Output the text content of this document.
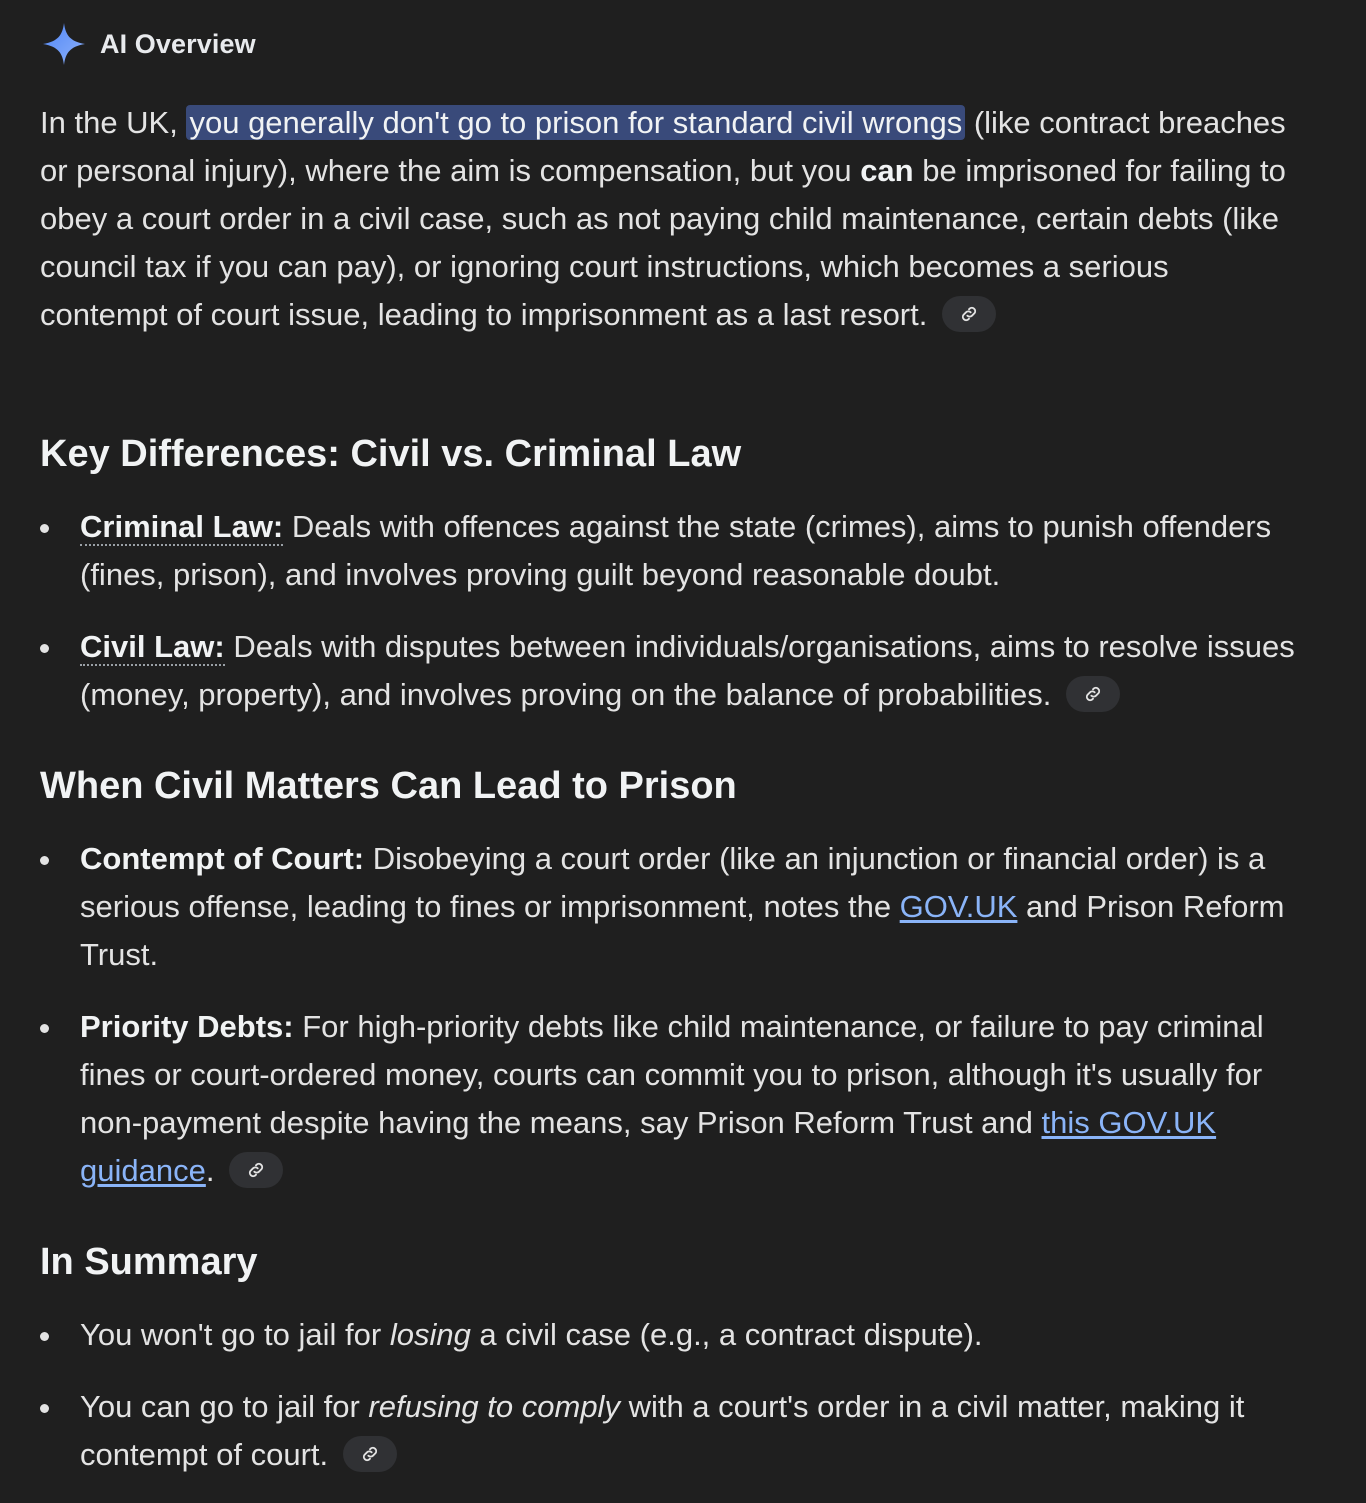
AI Overview

In the UK, you generally don't go to prison for standard civil wrongs (like contract breaches or personal injury), where the aim is compensation, but you can be imprisoned for failing to obey a court order in a civil case, such as not paying child maintenance, certain debts (like council tax if you can pay), or ignoring court instructions, which becomes a serious contempt of court issue, leading to imprisonment as a last resort.

Key Differences: Civil vs. Criminal Law
Criminal Law: Deals with offences against the state (crimes), aims to punish offenders (fines, prison), and involves proving guilt beyond reasonable doubt.
Civil Law: Deals with disputes between individuals/organisations, aims to resolve issues (money, property), and involves proving on the balance of probabilities.
When Civil Matters Can Lead to Prison
Contempt of Court: Disobeying a court order (like an injunction or financial order) is a serious offense, leading to fines or imprisonment, notes the GOV.UK and Prison Reform Trust.
Priority Debts: For high-priority debts like child maintenance, or failure to pay criminal fines or court-ordered money, courts can commit you to prison, although it's usually for non-payment despite having the means, say Prison Reform Trust and this GOV.UK guidance.
In Summary
You won't go to jail for losing a civil case (e.g., a contract dispute).
You can go to jail for refusing to comply with a court's order in a civil matter, making it contempt of court.
